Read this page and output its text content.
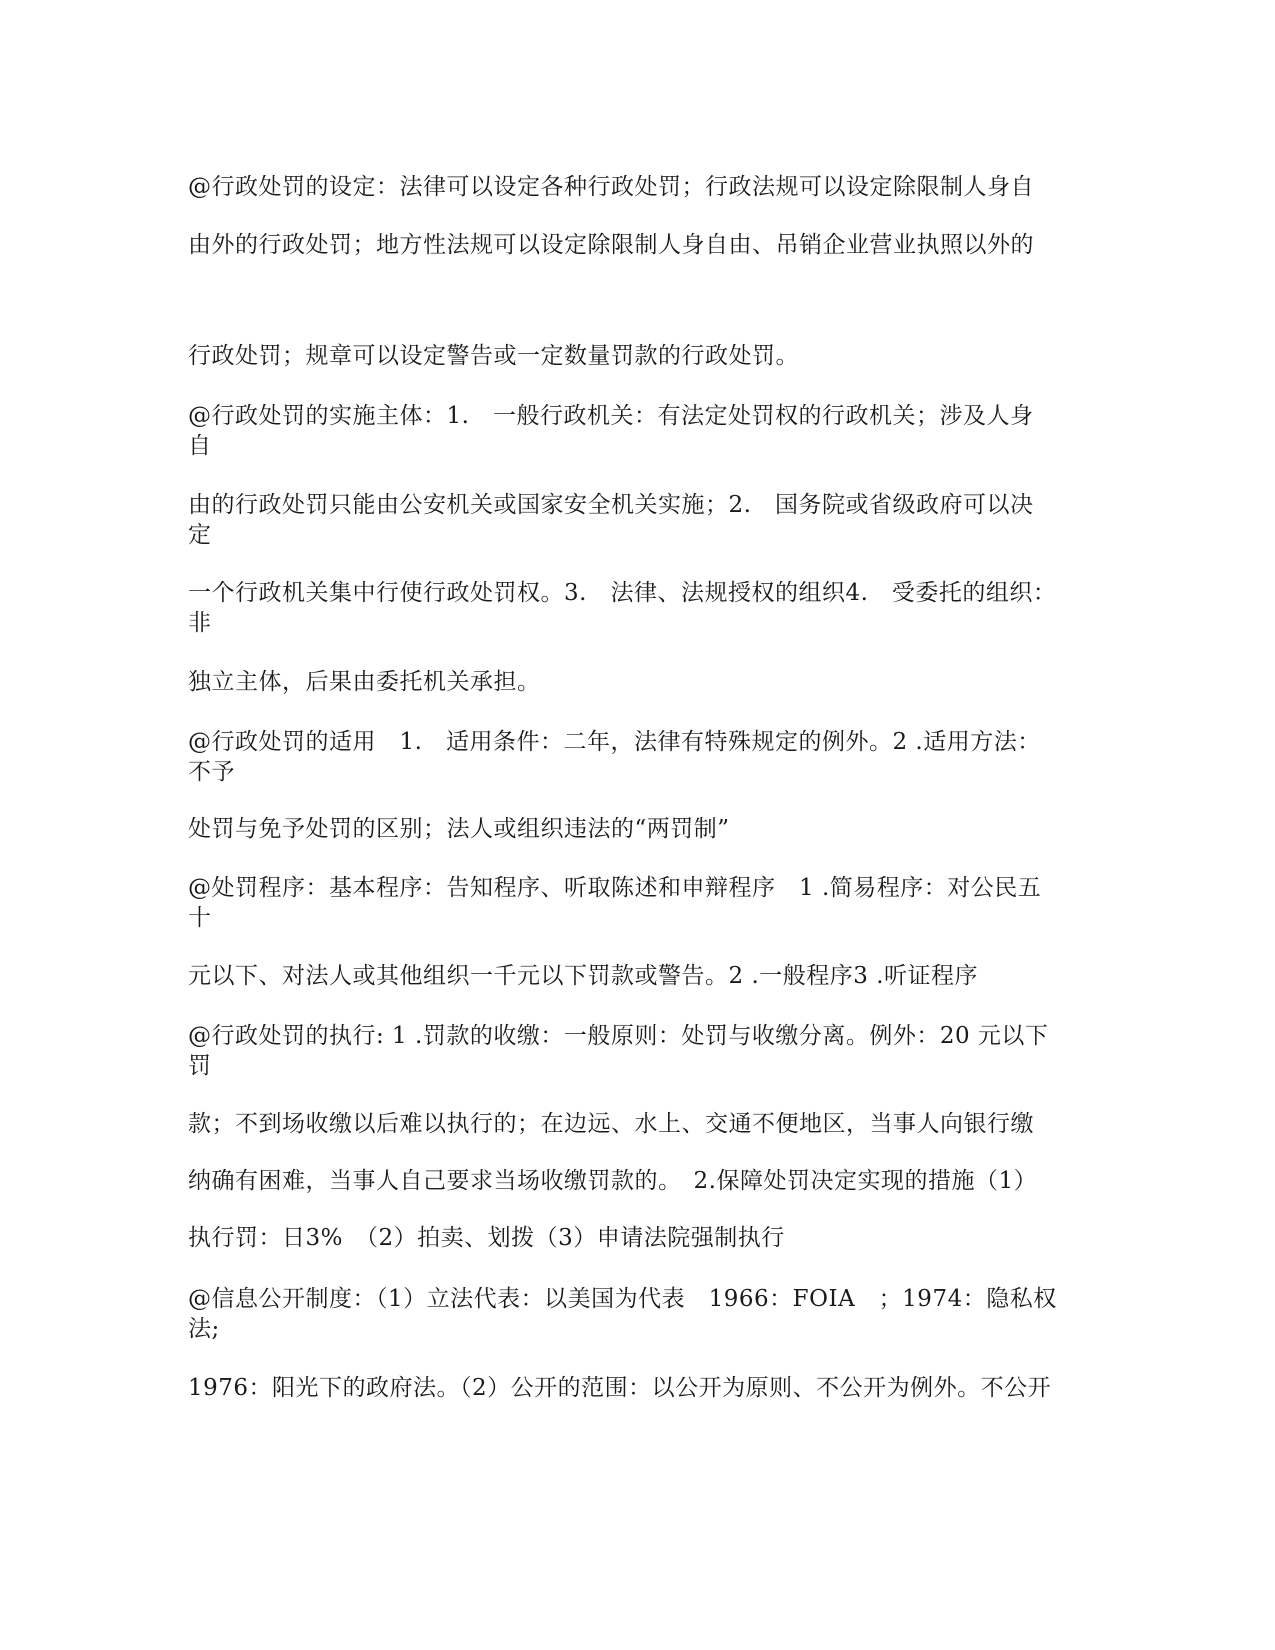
@行政处罚的设定：法律可以设定各种行政处罚；行政法规可以设定除限制人身自

由外的行政处罚；地方性法规可以设定除限制人身自由、吊销企业营业执照以外的

行政处罚；规章可以设定警告或一定数量罚款的行政处罚。

@行政处罚的实施主体：1.　一般行政机关：有法定处罚权的行政机关；涉及人身

自

由的行政处罚只能由公安机关或国家安全机关实施；2.　国务院或省级政府可以决

定

一个行政机关集中行使行政处罚权。3.　法律、法规授权的组织4.　受委托的组织：

非

独立主体，后果由委托机关承担。

@行政处罚的适用　1.　适用条件：二年，法律有特殊规定的例外。2 .适用方法：

不予

处罚与免予处罚的区别；法人或组织违法的“两罚制”

@处罚程序：基本程序：告知程序、听取陈述和申辩程序　1 .简易程序：对公民五

十

元以下、对法人或其他组织一千元以下罚款或警告。2 .一般程序3 .听证程序

@行政处罚的执行: 1 .罚款的收缴：一般原则：处罚与收缴分离。例外：20 元以下

罚

款；不到场收缴以后难以执行的；在边远、水上、交通不便地区，当事人向银行缴

纳确有困难，当事人自己要求当场收缴罚款的。　2.保障处罚决定实现的措施（1）

执行罚：日3%　（2）拍卖、划拨（3）申请法院强制执行

@信息公开制度：（1）立法代表：以美国为代表　1966：FOIA　；1974：隐私权

法;

1976：阳光下的政府法。（2）公开的范围：以公开为原则、不公开为例外。不公开
